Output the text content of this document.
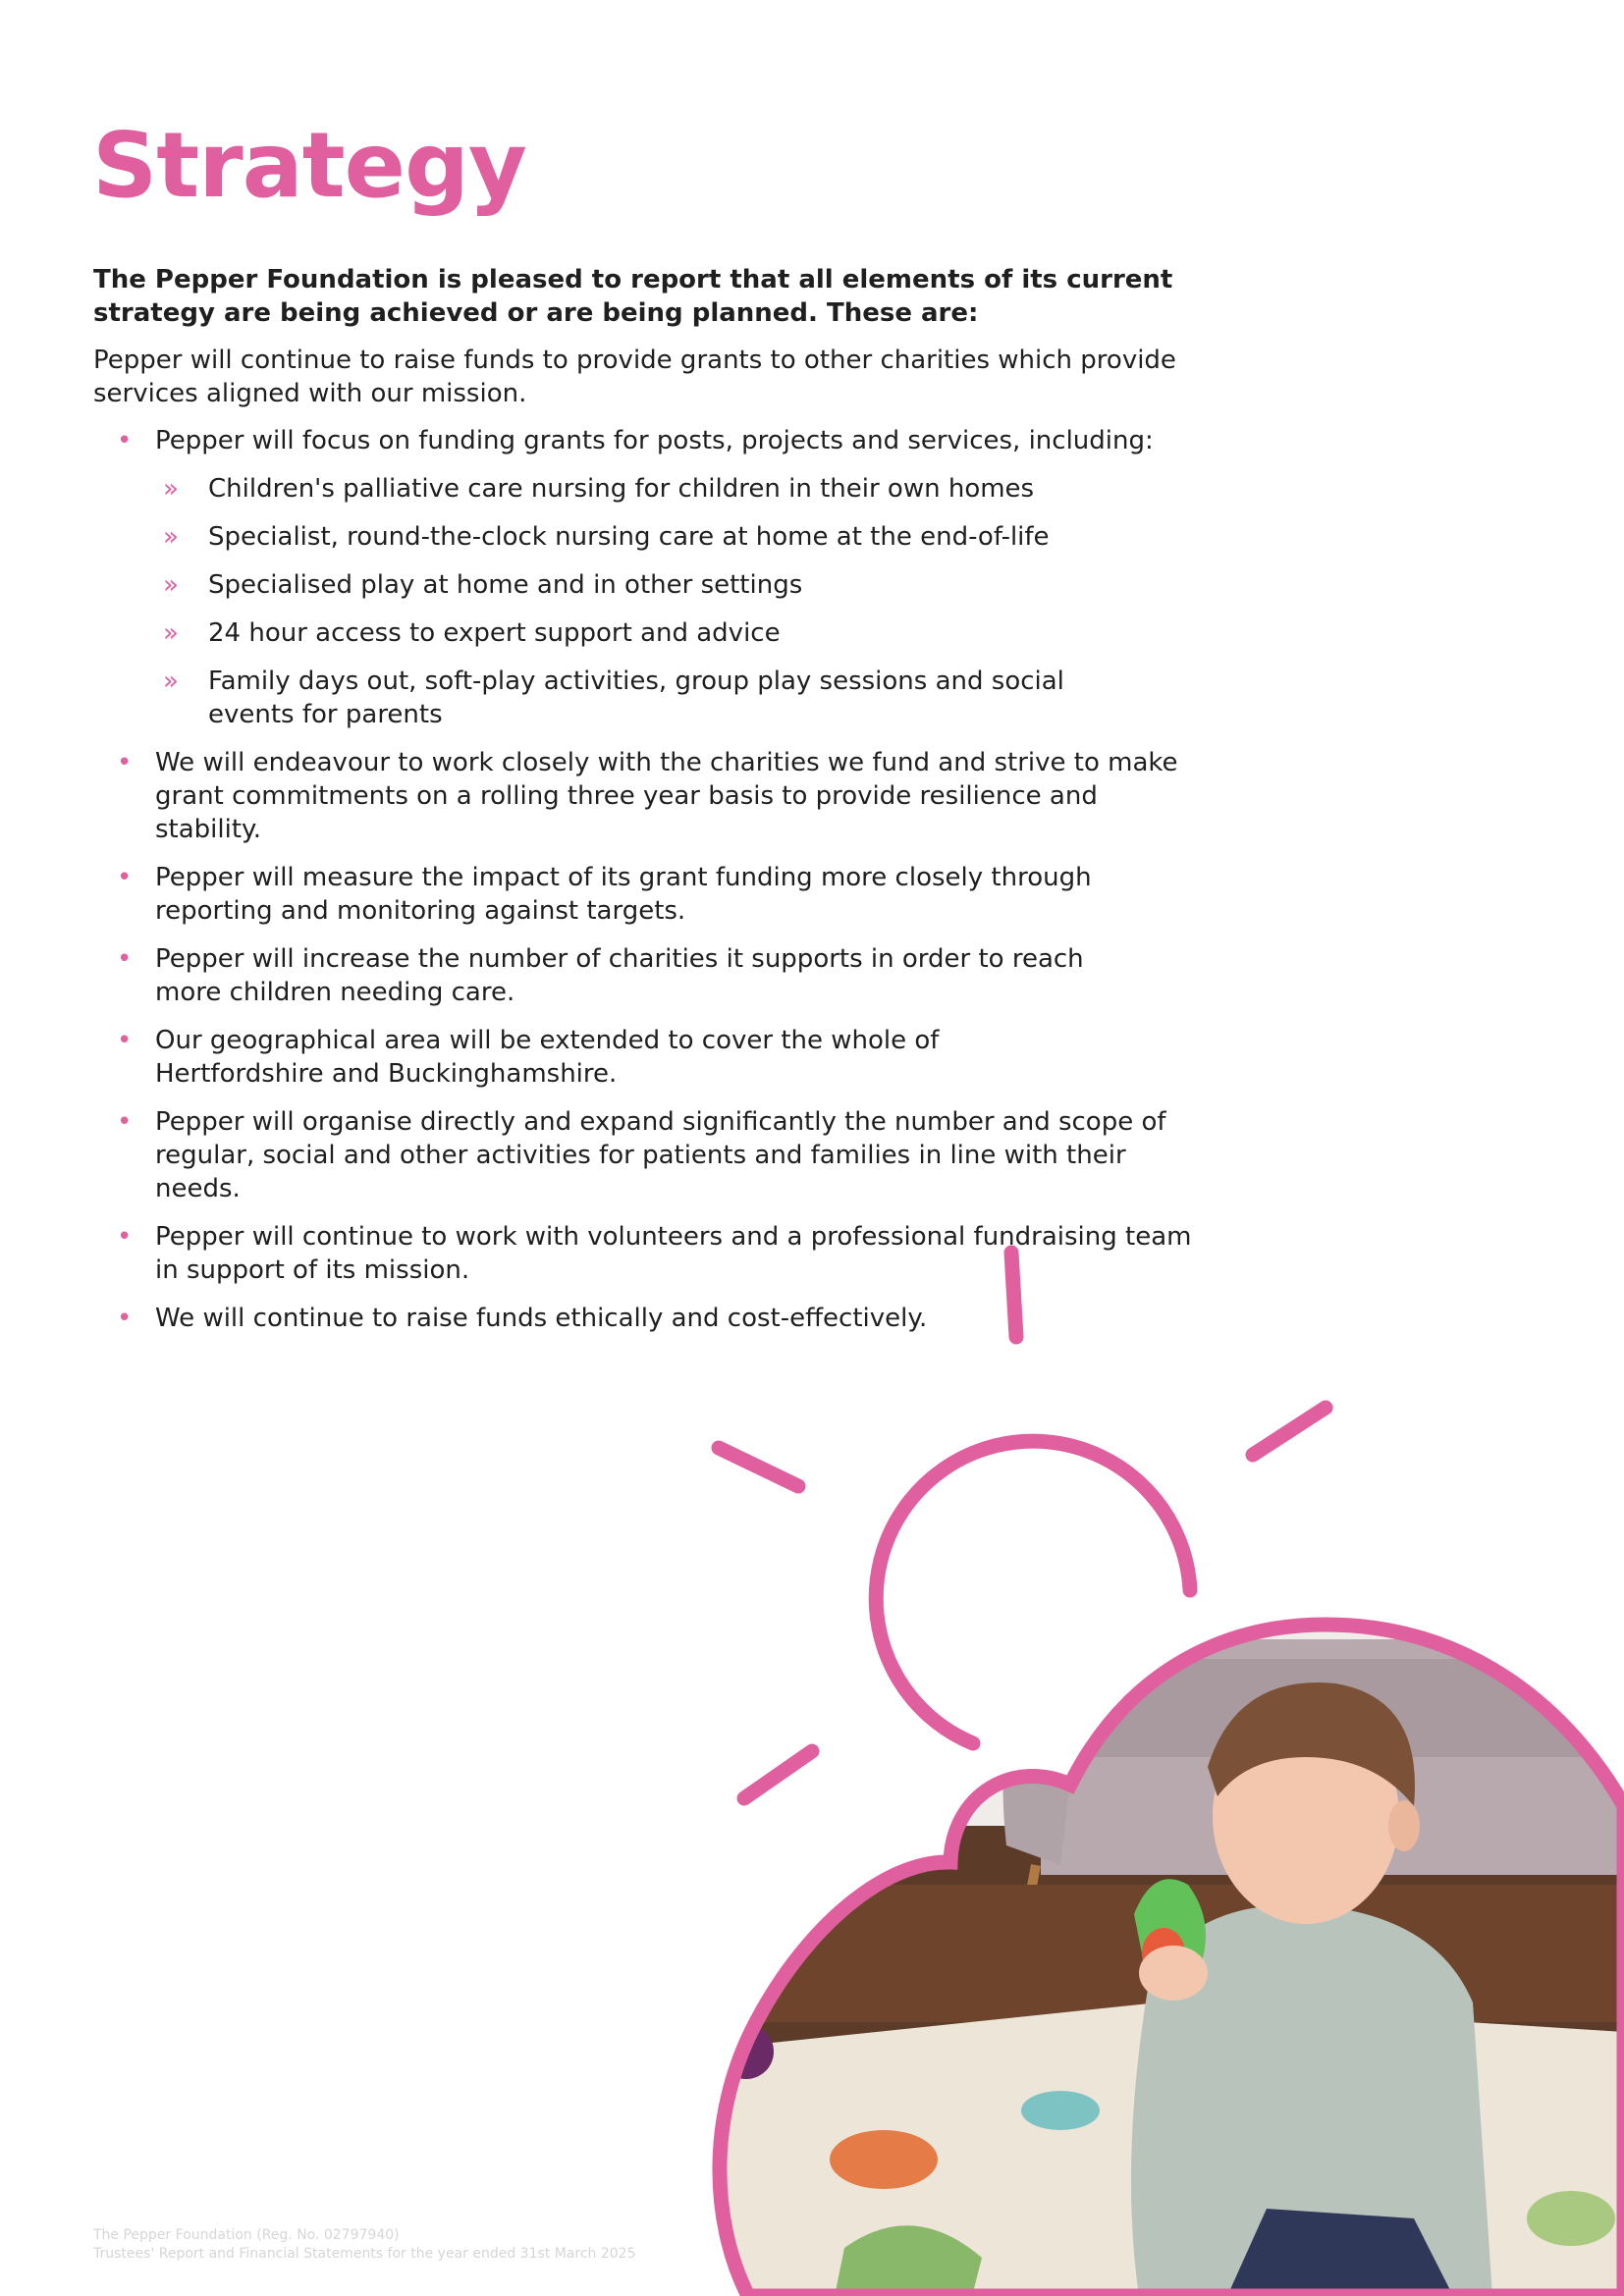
Strategy

The Pepper Foundation is pleased to report that all elements of its current strategy are being achieved or are being planned. These are:

Pepper will continue to raise funds to provide grants to other charities which provide services aligned with our mission.

• Pepper will focus on funding grants for posts, projects and services, including:
» Children's palliative care nursing for children in their own homes
» Specialist, round-the-clock nursing care at home at the end-of-life
» Specialised play at home and in other settings
» 24 hour access to expert support and advice
» Family days out, soft-play activities, group play sessions and social events for parents
• We will endeavour to work closely with the charities we fund and strive to make grant commitments on a rolling three year basis to provide resilience and stability.
• Pepper will measure the impact of its grant funding more closely through reporting and monitoring against targets.
• Pepper will increase the number of charities it supports in order to reach more children needing care.
• Our geographical area will be extended to cover the whole of Hertfordshire and Buckinghamshire.
• Pepper will organise directly and expand significantly the number and scope of regular, social and other activities for patients and families in line with their needs.
• Pepper will continue to work with volunteers and a professional fundraising team in support of its mission.
• We will continue to raise funds ethically and cost-effectively.
The Pepper Foundation (Reg. No. 02797940)
Trustees' Report and Financial Statements for the year ended 31st March 2025
